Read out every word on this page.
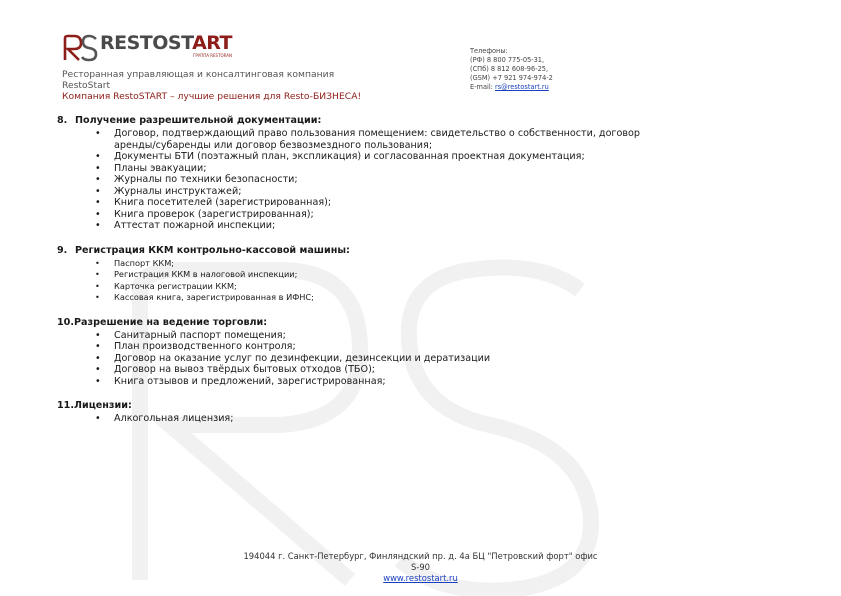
RESTOSTART
ГРУППА RESTORAN
Ресторанная управляющая и консалтинговая компания
RestoStart
Компания RestoSTART – лучшие решения для Resto-БИЗНЕСА!
Телефоны:
(РФ) 8 800 775-05-31,
(СПб) 8 812 608-96-25,
(GSM) +7 921 974-974-2
E-mail: rs@restostart.ru
8. Получение разрешительной документации:
• Договор, подтверждающий право пользования помещением: свидетельство о собственности, договор
аренды/субаренды или договор безвозмездного пользования;
• Документы БТИ (поэтажный план, экспликация) и согласованная проектная документация;
• Планы эвакуации;
• Журналы по техники безопасности;
• Журналы инструктажей;
• Книга посетителей (зарегистрированная);
• Книга проверок (зарегистрированная);
• Аттестат пожарной инспекции;
9. Регистрация ККМ контрольно-кассовой машины:
• Паспорт ККМ;
• Регистрация ККМ в налоговой инспекции;
• Карточка регистрации ККМ;
• Кассовая книга, зарегистрированная в ИФНС;
10.Разрешение на ведение торговли:
• Санитарный паспорт помещения;
• План производственного контроля;
• Договор на оказание услуг по дезинфекции, дезинсекции и дератизации
• Договор на вывоз твёрдых бытовых отходов (ТБО);
• Книга отзывов и предложений, зарегистрированная;
11.Лицензии:
• Алкогольная лицензия;
194044 г. Санкт-Петербург, Финляндский пр. д. 4а БЦ "Петровский форт" офис
S-90
www.restostart.ru
